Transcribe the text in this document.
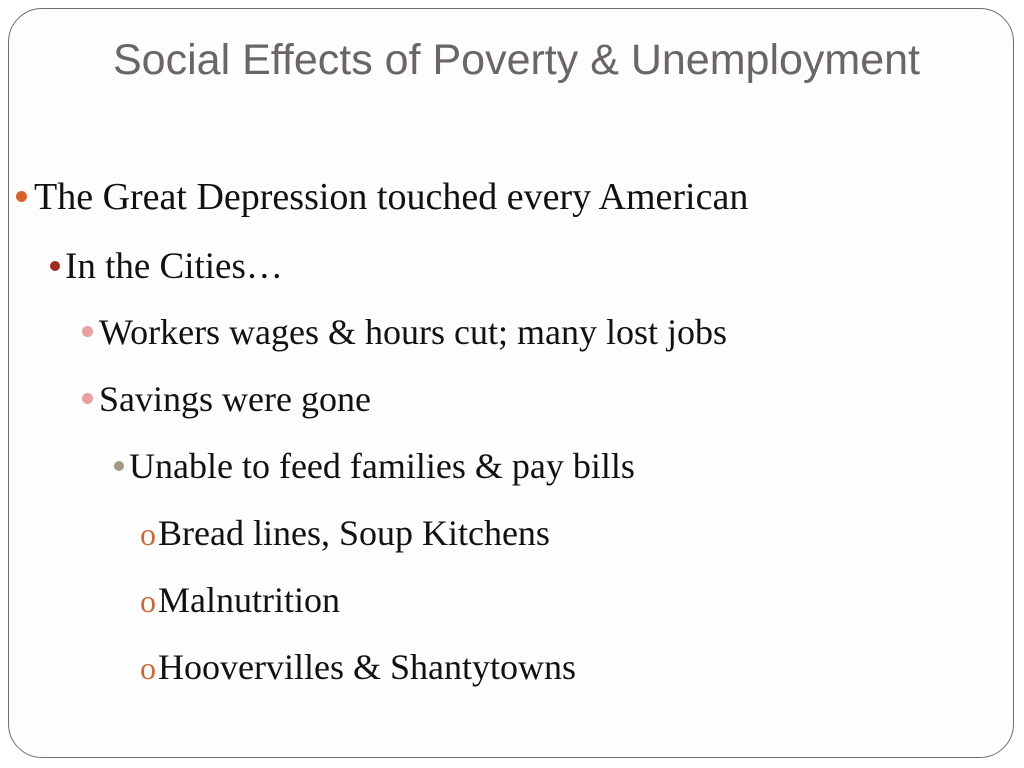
Social Effects of Poverty & Unemployment
The Great Depression touched every American
In the Cities…
Workers wages & hours cut; many lost jobs
Savings were gone
Unable to feed families & pay bills
oBread lines, Soup Kitchens
oMalnutrition
oHoovervilles & Shantytowns
